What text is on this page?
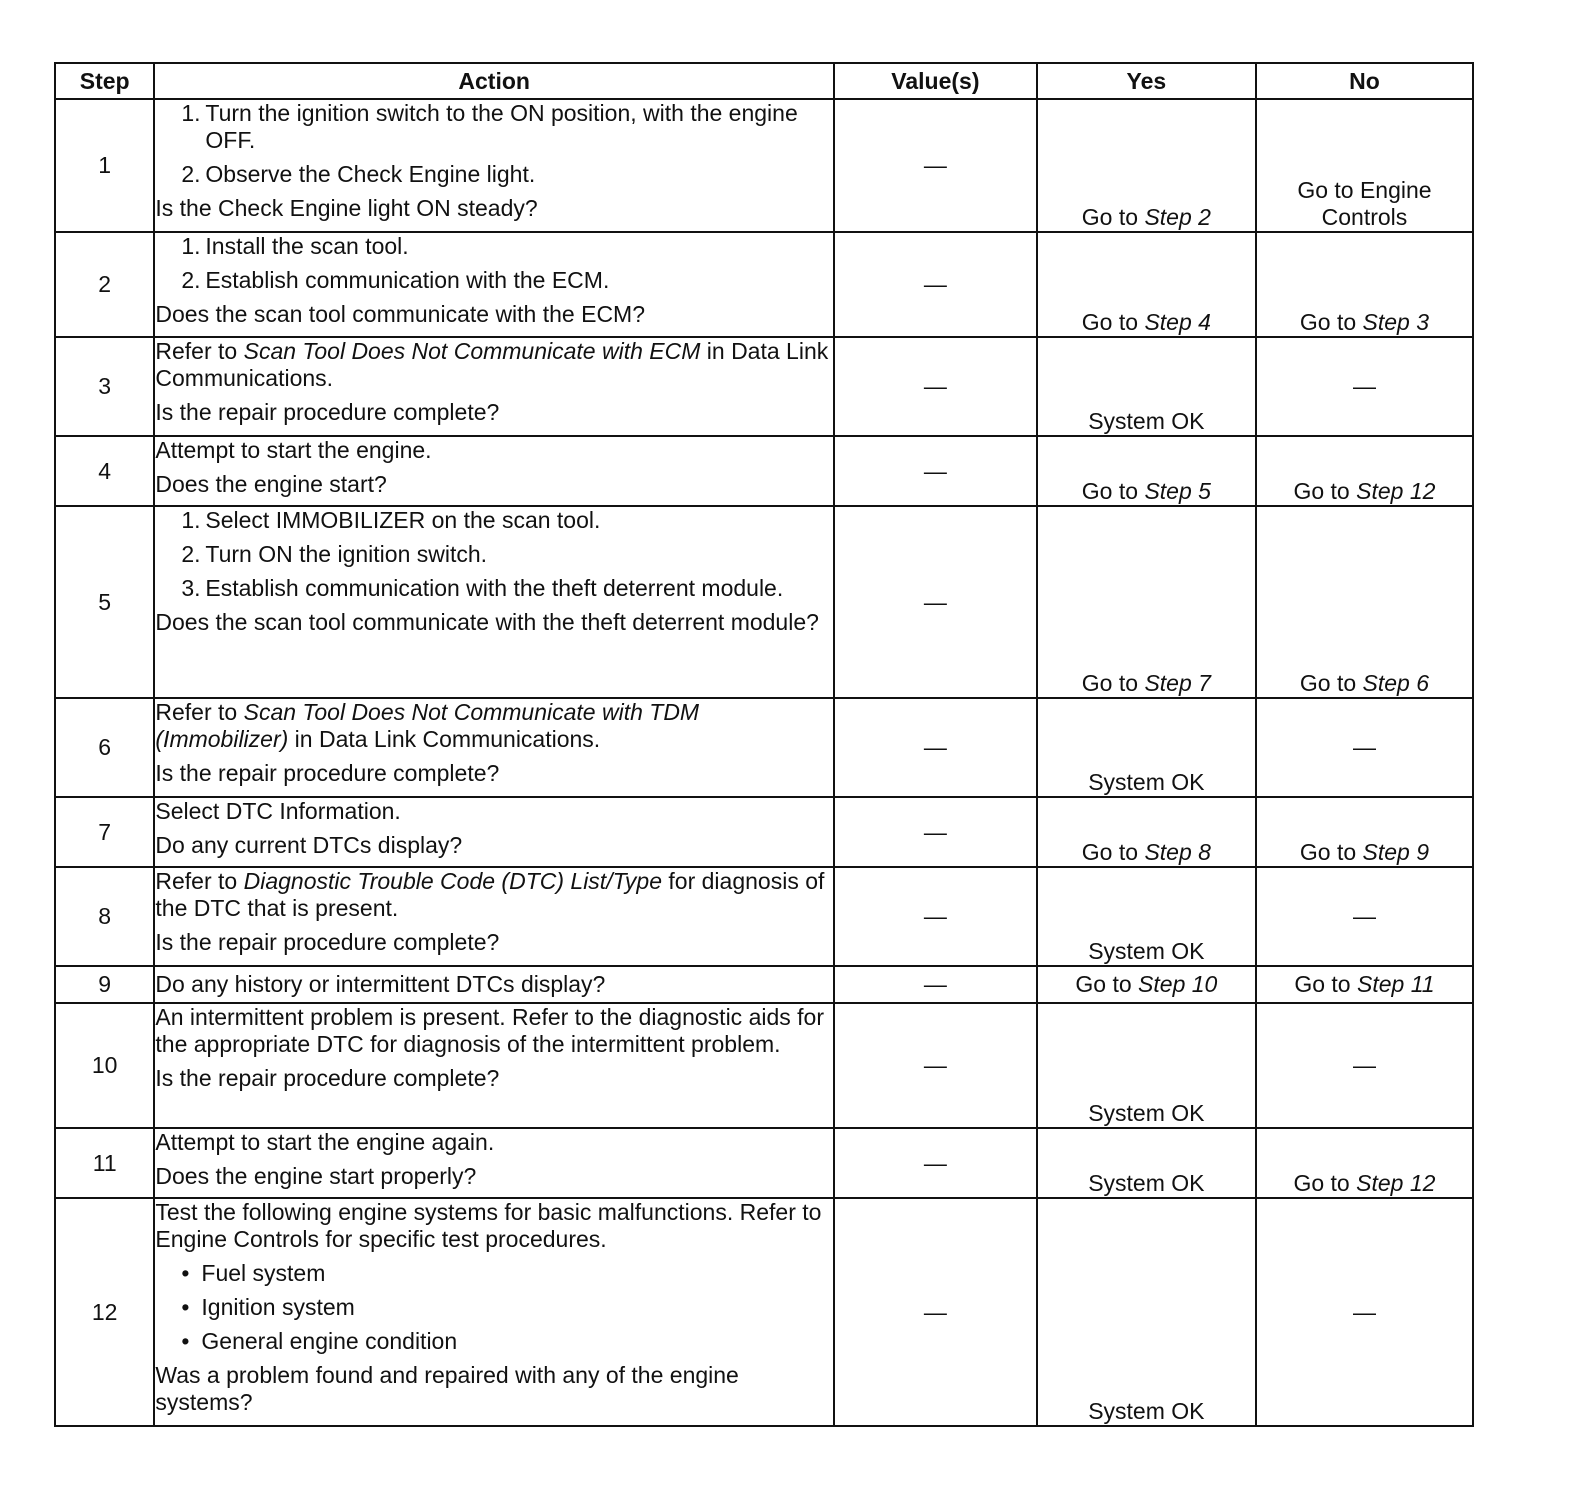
Step	Action	Value(s)	Yes	No
1	1. Turn the ignition switch to the ON position, with the engine OFF.
2. Observe the Check Engine light.
Is the Check Engine light ON steady?	—	Go to Step 2	Go to Engine Controls

2	1. Install the scan tool.
2. Establish communication with the ECM.
Does the scan tool communicate with the ECM?	—	Go to Step 4	Go to Step 3
3	Refer to Scan Tool Does Not Communicate with ECM in Data Link Communications.
Is the repair procedure complete?	—	System OK	—
4	Attempt to start the engine.
Does the engine start?	—	Go to Step 5	Go to Step 12
5	1. Select IMMOBILIZER on the scan tool.
2. Turn ON the ignition switch.
3. Establish communication with the theft deterrent module.
Does the scan tool communicate with the theft deterrent module?	—	Go to Step 7	Go to Step 6
6	Refer to Scan Tool Does Not Communicate with TDM (Immobilizer) in Data Link Communications.
Is the repair procedure complete?	—	System OK	—
7	Select DTC Information.
Do any current DTCs display?	—	Go to Step 8	Go to Step 9
8	Refer to Diagnostic Trouble Code (DTC) List/Type for diagnosis of the DTC that is present.
Is the repair procedure complete?	—	System OK	—
9	Do any history or intermittent DTCs display?	—	Go to Step 10	Go to Step 11
10	An intermittent problem is present. Refer to the diagnostic aids for the appropriate DTC for diagnosis of the intermittent problem.
Is the repair procedure complete?	—	System OK	—
11	Attempt to start the engine again.
Does the engine start properly?	—	System OK	Go to Step 12
12	Test the following engine systems for basic malfunctions. Refer to Engine Controls for specific test procedures.
• Fuel system
• Ignition system
• General engine condition
Was a problem found and repaired with any of the engine systems?	—	System OK	—
